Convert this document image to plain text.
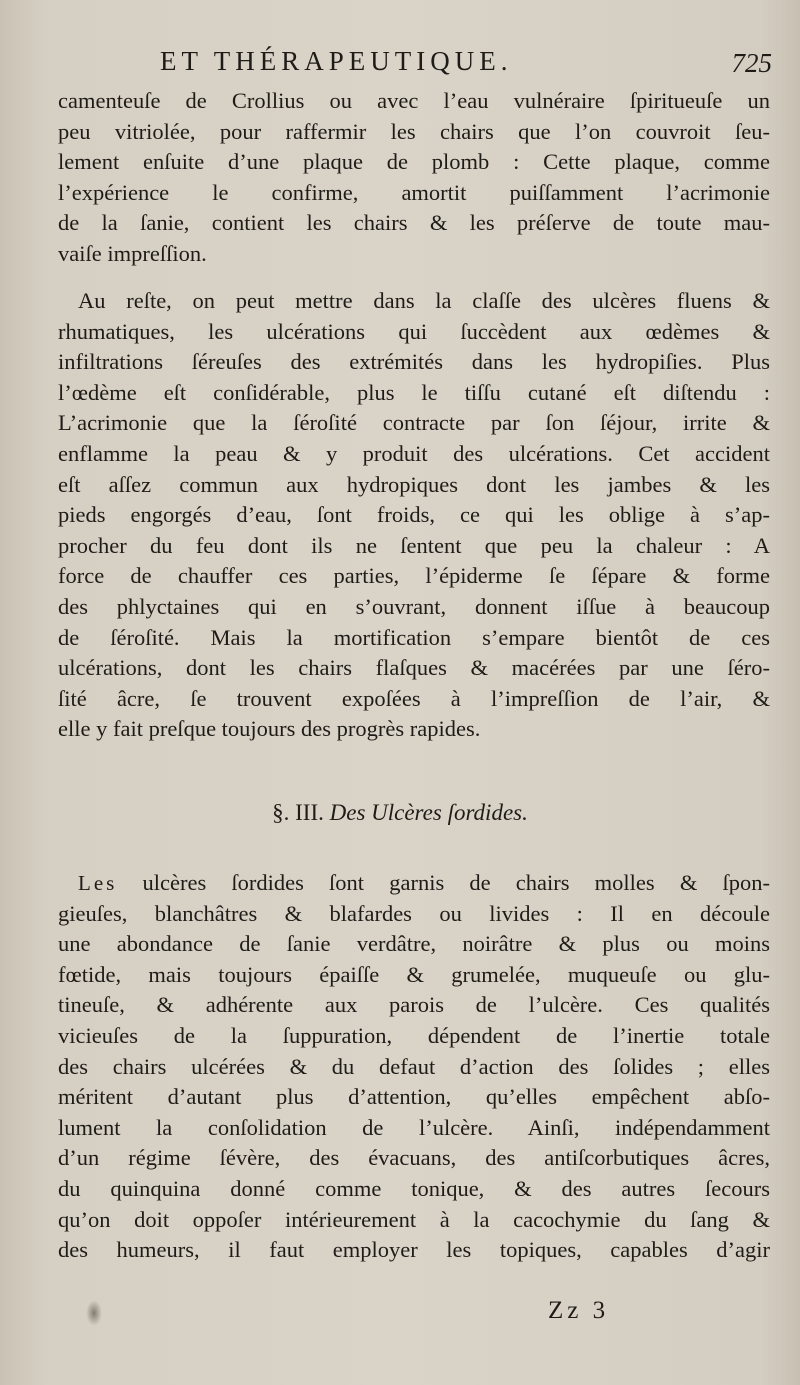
ET THÉRAPEUTIQUE.	725
camenteuſe de Crollius ou avec l’eau vulnéraire ſpiritueuſe un
peu vitriolée, pour raffermir les chairs que l’on couvroit ſeu-
lement enſuite d’une plaque de plomb : Cette plaque, comme
l’expérience le confirme, amortit puiſſamment l’acrimonie
de la ſanie, contient les chairs & les préſerve de toute mau-
vaiſe impreſſion.
Au reſte, on peut mettre dans la claſſe des ulcères fluens &
rhumatiques, les ulcérations qui ſuccèdent aux œdèmes &
infiltrations ſéreuſes des extrémités dans les hydropiſies. Plus
l’œdème eſt conſidérable, plus le tiſſu cutané eſt diſtendu :
L’acrimonie que la ſéroſité contracte par ſon ſéjour, irrite &
enflamme la peau & y produit des ulcérations. Cet accident
eſt aſſez commun aux hydropiques dont les jambes & les
pieds engorgés d’eau, ſont froids, ce qui les oblige à s’ap-
procher du feu dont ils ne ſentent que peu la chaleur : A
force de chauffer ces parties, l’épiderme ſe ſépare & forme
des phlyctaines qui en s’ouvrant, donnent iſſue à beaucoup
de ſéroſité. Mais la mortification s’empare bientôt de ces
ulcérations, dont les chairs flaſques & macérées par une ſéro-
ſité âcre, ſe trouvent expoſées à l’impreſſion de l’air, &
elle y fait preſque toujours des progrès rapides.
§. III. Des Ulcères ſordides.
Les ulcères ſordides ſont garnis de chairs molles & ſpon-
gieuſes, blanchâtres & blafardes ou livides : Il en découle
une abondance de ſanie verdâtre, noirâtre & plus ou moins
fœtide, mais toujours épaiſſe & grumelée, muqueuſe ou glu-
tineuſe, & adhérente aux parois de l’ulcère. Ces qualités
vicieuſes de la ſuppuration, dépendent de l’inertie totale
des chairs ulcérées & du defaut d’action des ſolides ; elles
méritent d’autant plus d’attention, qu’elles empêchent abſo-
lument la conſolidation de l’ulcère. Ainſi, indépendamment
d’un régime ſévère, des évacuans, des antiſcorbutiques âcres,
du quinquina donné comme tonique, & des autres ſecours
qu’on doit oppoſer intérieurement à la cacochymie du ſang &
des humeurs, il faut employer les topiques, capables d’agir
Zz 3
